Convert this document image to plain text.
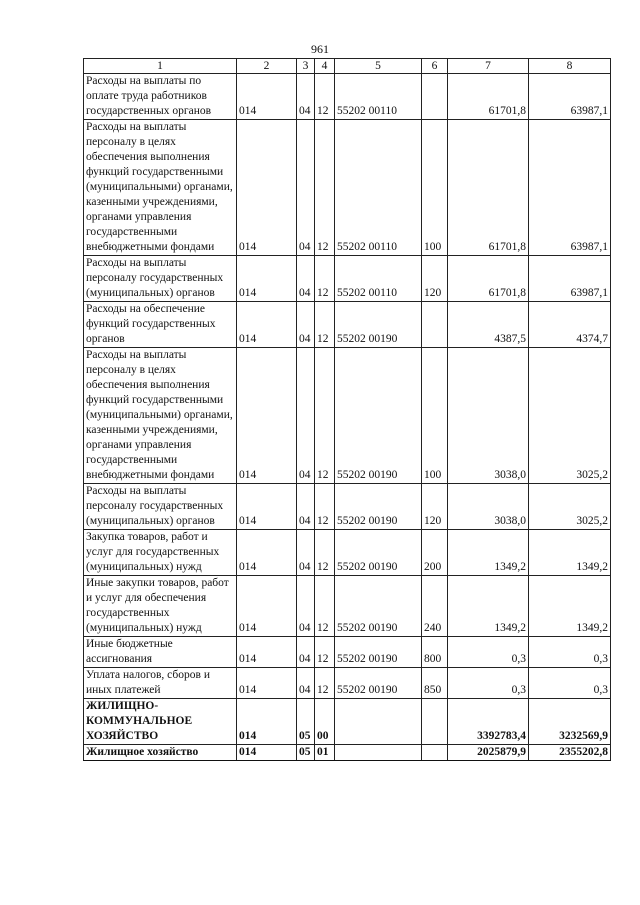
961
1	2	3	4	5	6	7	8
Расходы на выплаты по оплате труда работников государственных органов	014	04	12	55202 00110		61701,8	63987,1
Расходы на выплаты персоналу в целях обеспечения выполнения функций государственными (муниципальными) органами, казенными учреждениями, органами управления государственными внебюджетными фондами	014	04	12	55202 00110	100	61701,8	63987,1
Расходы на выплаты персоналу государственных (муниципальных) органов	014	04	12	55202 00110	120	61701,8	63987,1
Расходы на обеспечение функций государственных органов	014	04	12	55202 00190		4387,5	4374,7
Расходы на выплаты персоналу в целях обеспечения выполнения функций государственными (муниципальными) органами, казенными учреждениями, органами управления государственными внебюджетными фондами	014	04	12	55202 00190	100	3038,0	3025,2
Расходы на выплаты персоналу государственных (муниципальных) органов	014	04	12	55202 00190	120	3038,0	3025,2
Закупка товаров, работ и услуг для государственных (муниципальных) нужд	014	04	12	55202 00190	200	1349,2	1349,2
Иные закупки товаров, работ и услуг для обеспечения государственных (муниципальных) нужд	014	04	12	55202 00190	240	1349,2	1349,2
Иные бюджетные ассигнования	014	04	12	55202 00190	800	0,3	0,3
Уплата налогов, сборов и иных платежей	014	04	12	55202 00190	850	0,3	0,3
ЖИЛИЩНО-КОММУНАЛЬНОЕ ХОЗЯЙСТВО	014	05	00			3392783,4	3232569,9
Жилищное хозяйство	014	05	01			2025879,9	2355202,8
